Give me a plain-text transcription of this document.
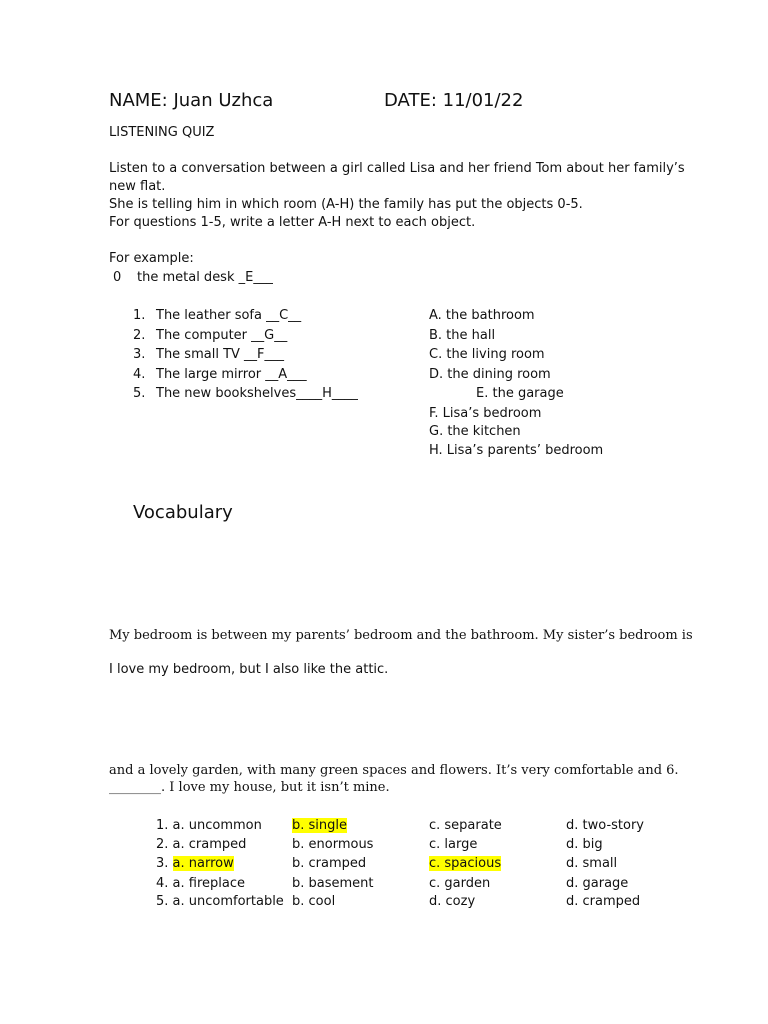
NAME: Juan Uzhca	DATE: 11/01/22
LISTENING QUIZ
Listen to a conversation between a girl called Lisa and her friend Tom about her family’s
new flat.
She is telling him in which room (A-H) the family has put the objects 0-5.
For questions 1-5, write a letter A-H next to each object.
For example:
0 the metal desk _E___
1. The leather sofa __C__
2. The computer __G__
3. The small TV __F___
4. The large mirror __A___
5. The new bookshelves____H____
A. the bathroom
B. the hall
C. the living room
D. the dining room
E. the garage
F. Lisa’s bedroom
G. the kitchen
H. Lisa’s parents’ bedroom
Vocabulary
My bedroom is between my parents’ bedroom and the bathroom. My sister’s bedroom is
I love my bedroom, but I also like the attic.
and a lovely garden, with many green spaces and flowers. It’s very comfortable and 6.
________. I love my house, but it isn’t mine.
1. a. uncommon b. single	c. separate	d. two-story
2. a. cramped	b. enormous	c. large	d. big
3. a. narrow	b. cramped	c. spacious	d. small
4. a. fireplace	b. basement	c. garden	d. garage
5. a. uncomfortable b. cool	d. cozy	d. cramped
